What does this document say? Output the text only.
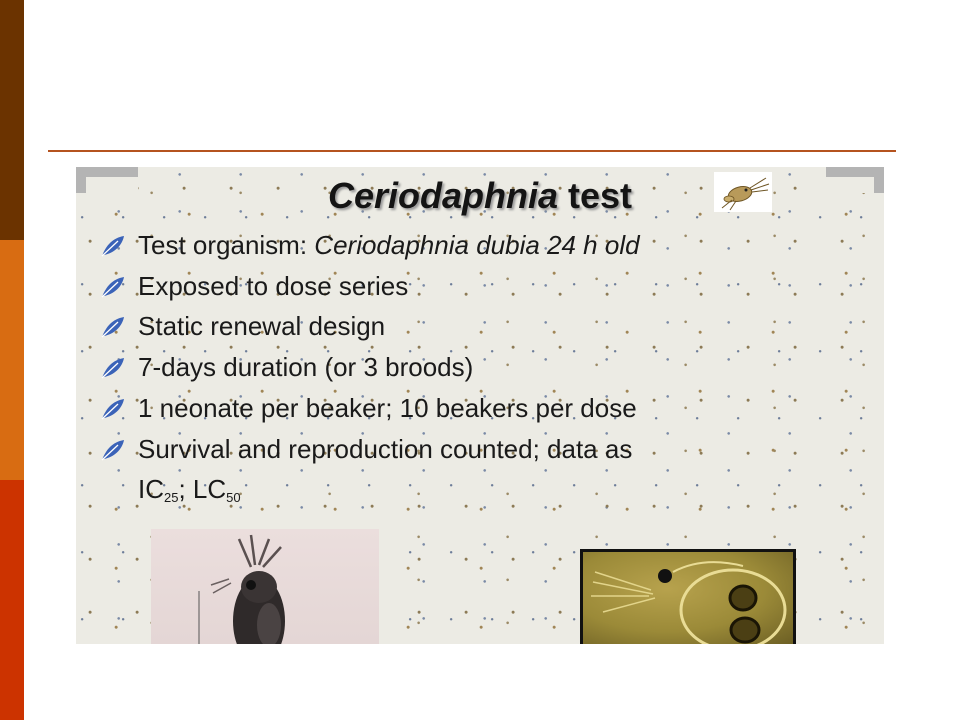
Ceriodaphnia test
Test organism: Ceriodaphnia dubia 24 h old
Exposed to dose series
Static renewal design
7-days duration (or 3 broods)
1 neonate per beaker; 10 beakers per dose
Survival and reproduction counted; data as
$IC_{25}$; $LC_{50}$
